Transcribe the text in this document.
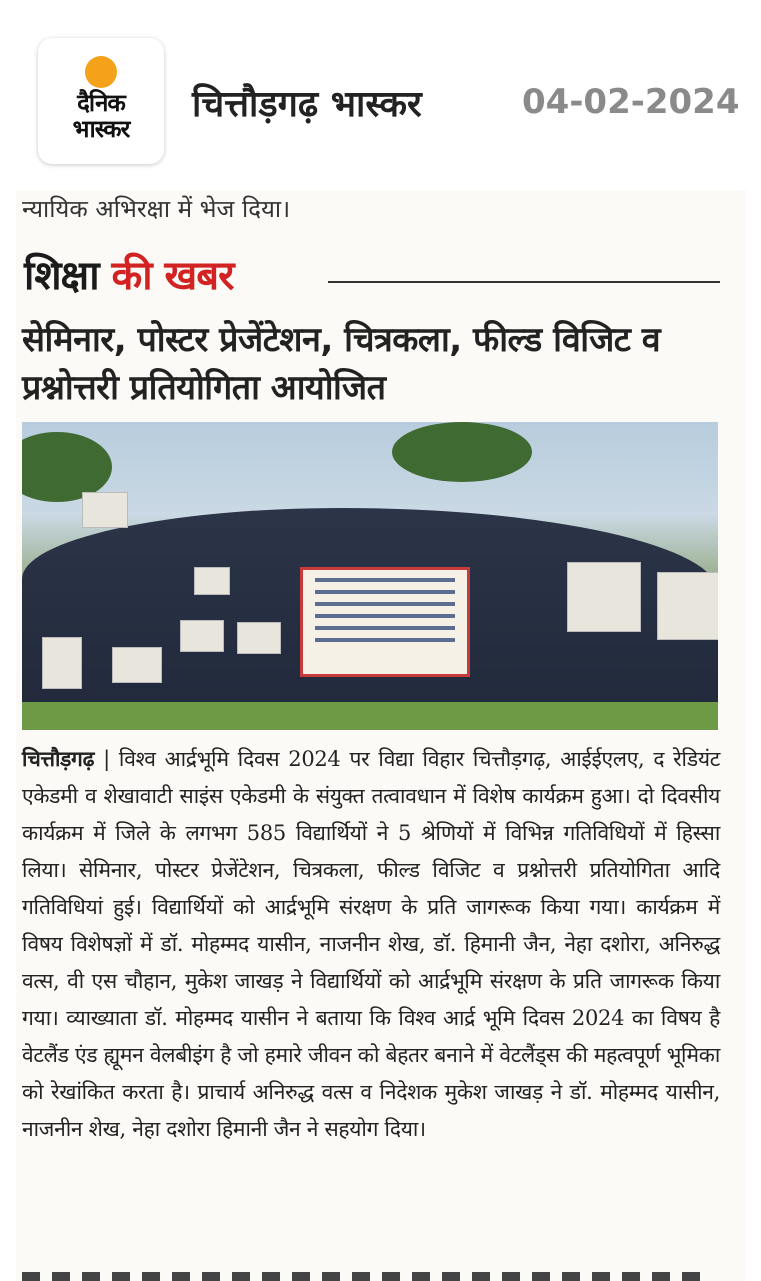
दैनिक भास्कर
चित्तौड़गढ़ भास्कर	04-02-2024
न्यायिक अभिरक्षा में भेज दिया।
शिक्षा की खबर
सेमिनार, पोस्टर प्रेजेंटेशन, चित्रकला, फील्ड विजिट व प्रश्नोत्तरी प्रतियोगिता आयोजित
चित्तौड़गढ़ | विश्व आर्द्रभूमि दिवस 2024 पर विद्या विहार चित्तौड़गढ़, आईईएलए, द रेडियंट एकेडमी व शेखावाटी साइंस एकेडमी के संयुक्त तत्वावधान में विशेष कार्यक्रम हुआ। दो दिवसीय कार्यक्रम में जिले के लगभग 585 विद्यार्थियों ने 5 श्रेणियों में विभिन्न गतिविधियों में हिस्सा लिया। सेमिनार, पोस्टर प्रेजेंटेशन, चित्रकला, फील्ड विजिट व प्रश्नोत्तरी प्रतियोगिता आदि गतिविधियां हुई। विद्यार्थियों को आर्द्रभूमि संरक्षण के प्रति जागरूक किया गया। कार्यक्रम में विषय विशेषज्ञों में डॉ. मोहम्मद यासीन, नाजनीन शेख, डॉ. हिमानी जैन, नेहा दशोरा, अनिरुद्ध वत्स, वी एस चौहान, मुकेश जाखड़ ने विद्यार्थियों को आर्द्रभूमि संरक्षण के प्रति जागरूक किया गया। व्याख्याता डॉ. मोहम्मद यासीन ने बताया कि विश्व आर्द्र भूमि दिवस 2024 का विषय है वेटलैंड एंड ह्यूमन वेलबीइंग है जो हमारे जीवन को बेहतर बनाने में वेटलैंड्स की महत्वपूर्ण भूमिका को रेखांकित करता है। प्राचार्य अनिरुद्ध वत्स व निदेशक मुकेश जाखड़ ने डॉ. मोहम्मद यासीन, नाजनीन शेख, नेहा दशोरा हिमानी जैन ने सहयोग दिया।
